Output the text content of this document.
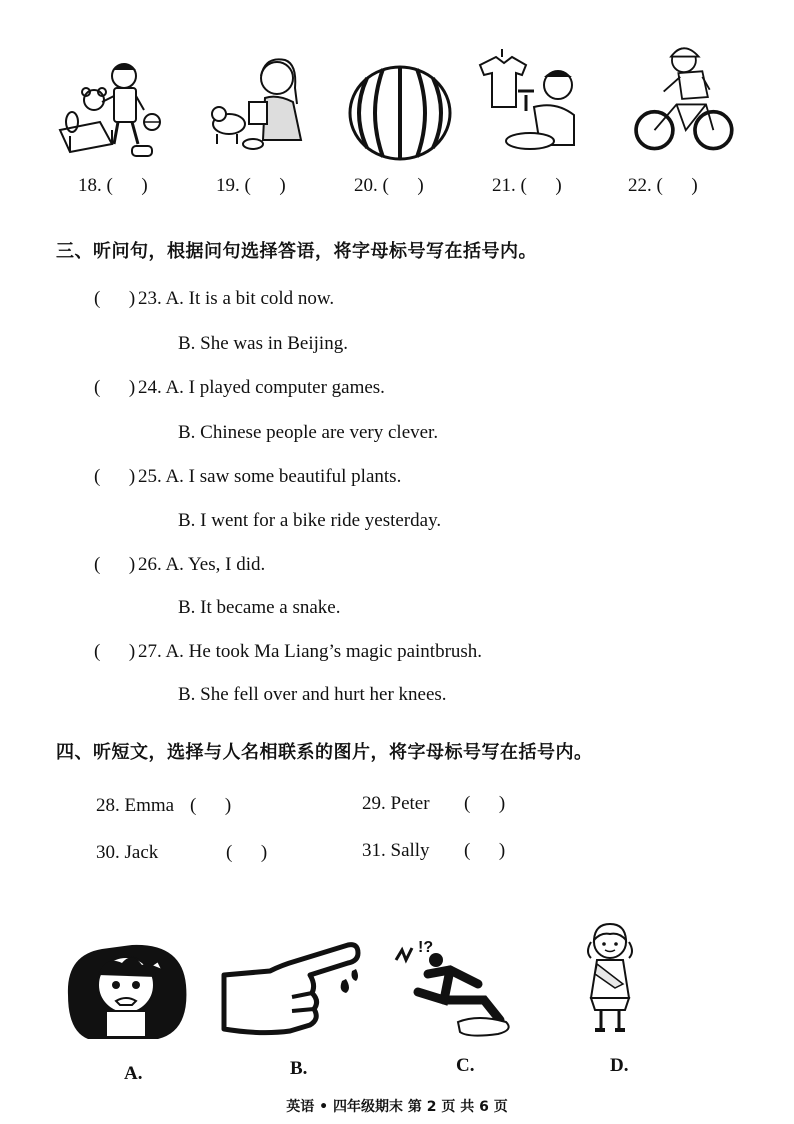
18. (      )	19. (      )	20. (      )	21. (      )	22. (      )
三、听问句，根据问句选择答语，将字母标号写在括号内。
(      ) 23. A. It is a bit cold now.
B. She was in Beijing.
(      ) 24. A. I played computer games.
B. Chinese people are very clever.
(      ) 25. A. I saw some beautiful plants.
B. I went for a bike ride yesterday.
(      ) 26. A. Yes, I did.
B. It became a snake.
(      ) 27. A. He took Ma Liang’s magic paintbrush.
B. She fell over and hurt her knees.
四、听短文，选择与人名相联系的图片，将字母标号写在括号内。
28. Emma (      )	29. Peter (      )
30. Jack	(      )	31. Sally (      )
!?
A.	B.	C.	D.
英语 • 四年级期末 第 2 页 共 6 页
